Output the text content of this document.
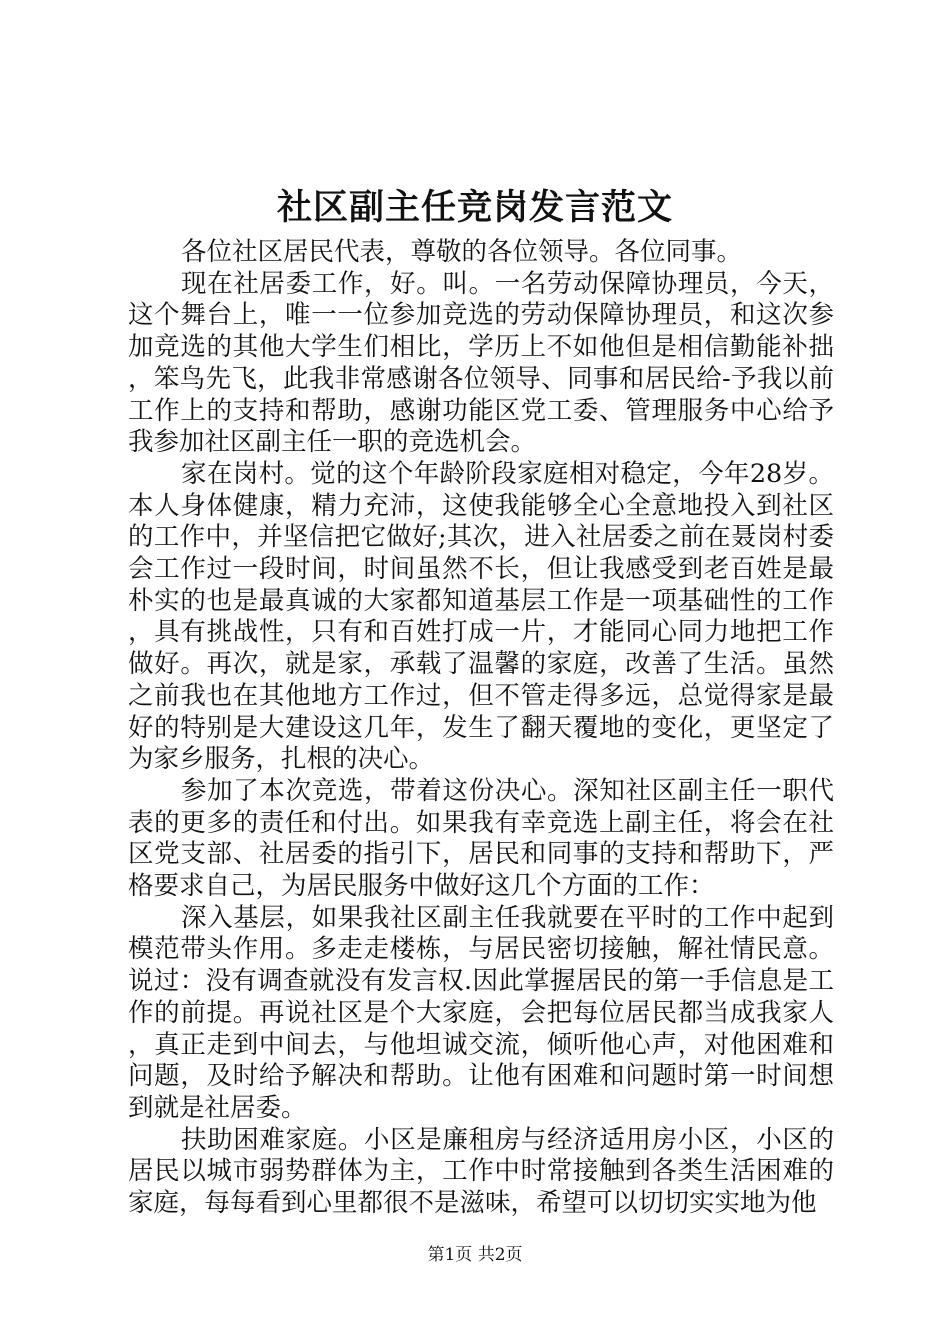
社区副主任竞岗发言范文

各位社区居民代表，尊敬的各位领导。各位同事。

现在社居委工作，好。叫。一名劳动保障协理员，今天，这个舞台上，唯一一位参加竞选的劳动保障协理员，和这次参加竞选的其他大学生们相比，学历上不如他但是相信勤能补拙，笨鸟先飞，此我非常感谢各位领导、同事和居民给-予我以前工作上的支持和帮助，感谢功能区党工委、管理服务中心给予我参加社区副主任一职的竞选机会。

家在岗村。觉的这个年龄阶段家庭相对稳定，今年28岁。本人身体健康，精力充沛，这使我能够全心全意地投入到社区的工作中，并坚信把它做好;其次，进入社居委之前在聂岗村委会工作过一段时间，时间虽然不长，但让我感受到老百姓是最朴实的也是最真诚的大家都知道基层工作是一项基础性的工作，具有挑战性，只有和百姓打成一片，才能同心同力地把工作做好。再次，就是家，承载了温馨的家庭，改善了生活。虽然之前我也在其他地方工作过，但不管走得多远，总觉得家是最好的特别是大建设这几年，发生了翻天覆地的变化，更坚定了为家乡服务，扎根的决心。

参加了本次竞选，带着这份决心。深知社区副主任一职代表的更多的责任和付出。如果我有幸竞选上副主任，将会在社区党支部、社居委的指引下，居民和同事的支持和帮助下，严格要求自己，为居民服务中做好这几个方面的工作：

深入基层，如果我社区副主任我就要在平时的工作中起到模范带头作用。多走走楼栋，与居民密切接触，解社情民意。说过：没有调查就没有发言权.因此掌握居民的第一手信息是工作的前提。再说社区是个大家庭，会把每位居民都当成我家人，真正走到中间去，与他坦诚交流，倾听他心声，对他困难和问题，及时给予解决和帮助。让他有困难和问题时第一时间想到就是社居委。

扶助困难家庭。小区是廉租房与经济适用房小区，小区的居民以城市弱势群体为主，工作中时常接触到各类生活困难的家庭，每每看到心里都很不是滋味，希望可以切切实实地为他

第1页 共2页
